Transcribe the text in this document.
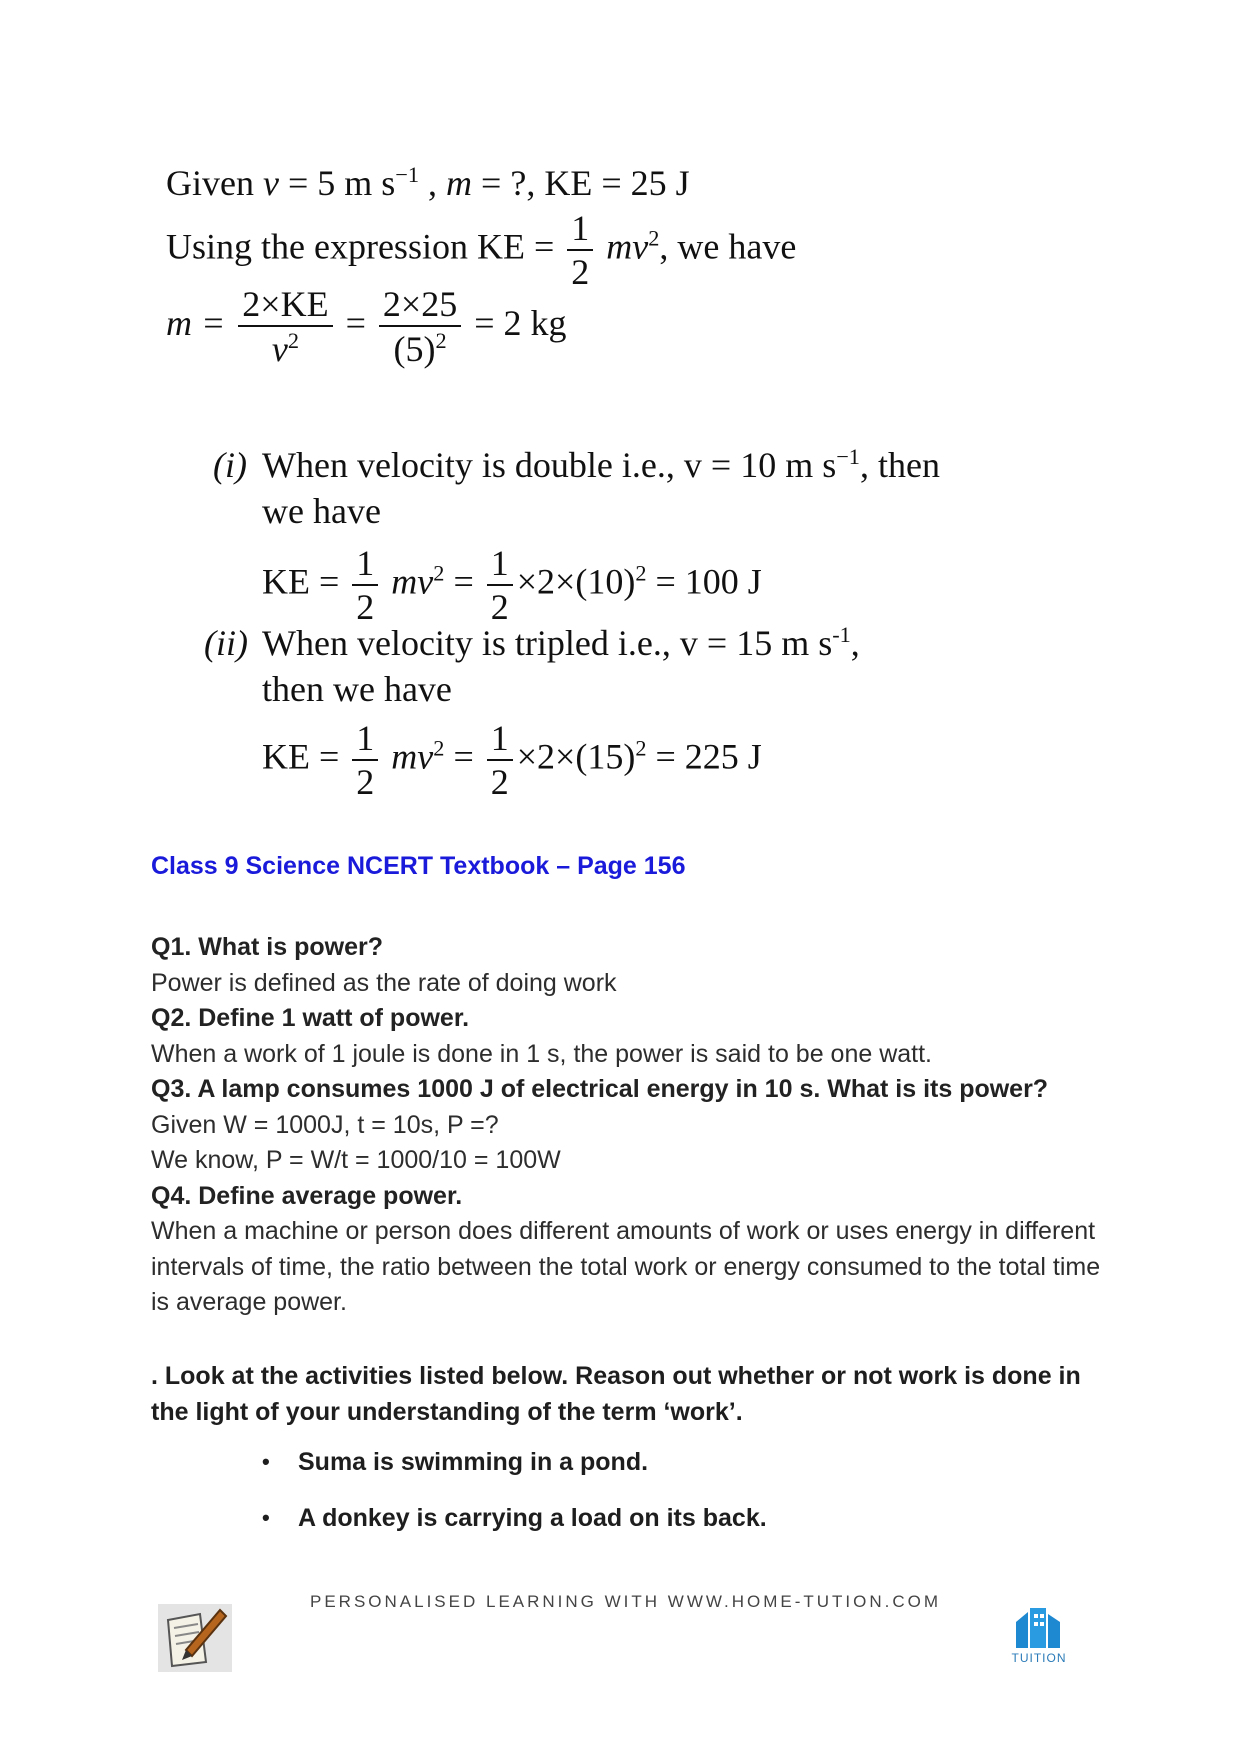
Given v = 5 m $s^{-1}$ , m = ?, KE = 25 J
Using the expression KE = $\frac{1}{2} mv^2$, we have
$m = \frac{2\times KE}{v^2} = \frac{2\times 25}{(5)^2} = 2$ kg
(i) When velocity is double i.e., v = 10 m $s^{-1}$, then
we have
KE = $\frac{1}{2} mv^2 = \frac{1}{2} \times 2\times(10)^2 = 100$ J
(ii) When velocity is tripled i.e., v = 15 m $s^{-1}$,
then we have
KE = $\frac{1}{2} mv^2 = \frac{1}{2} \times 2\times(15)^2 = 225$ J
Class 9 Science NCERT Textbook – Page 156

Q1. What is power?

Power is defined as the rate of doing work

Q2. Define 1 watt of power.

When a work of 1 joule is done in 1 s, the power is said to be one watt.

Q3. A lamp consumes 1000 J of electrical energy in 10 s. What is its power?

Given W = 1000J, t = 10s, P =?

We know, P = W/t = 1000/10 = 100W

Q4. Define average power.

When a machine or person does different amounts of work or uses energy in different intervals of time, the ratio between the total work or energy consumed to the total time is average power.

. Look at the activities listed below. Reason out whether or not work is done in the light of your understanding of the term ‘work’.
• Suma is swimming in a pond.
• A donkey is carrying a load on its back.
PERSONALISED LEARNING WITH WWW.HOME-TUTION.COM
TUITION
